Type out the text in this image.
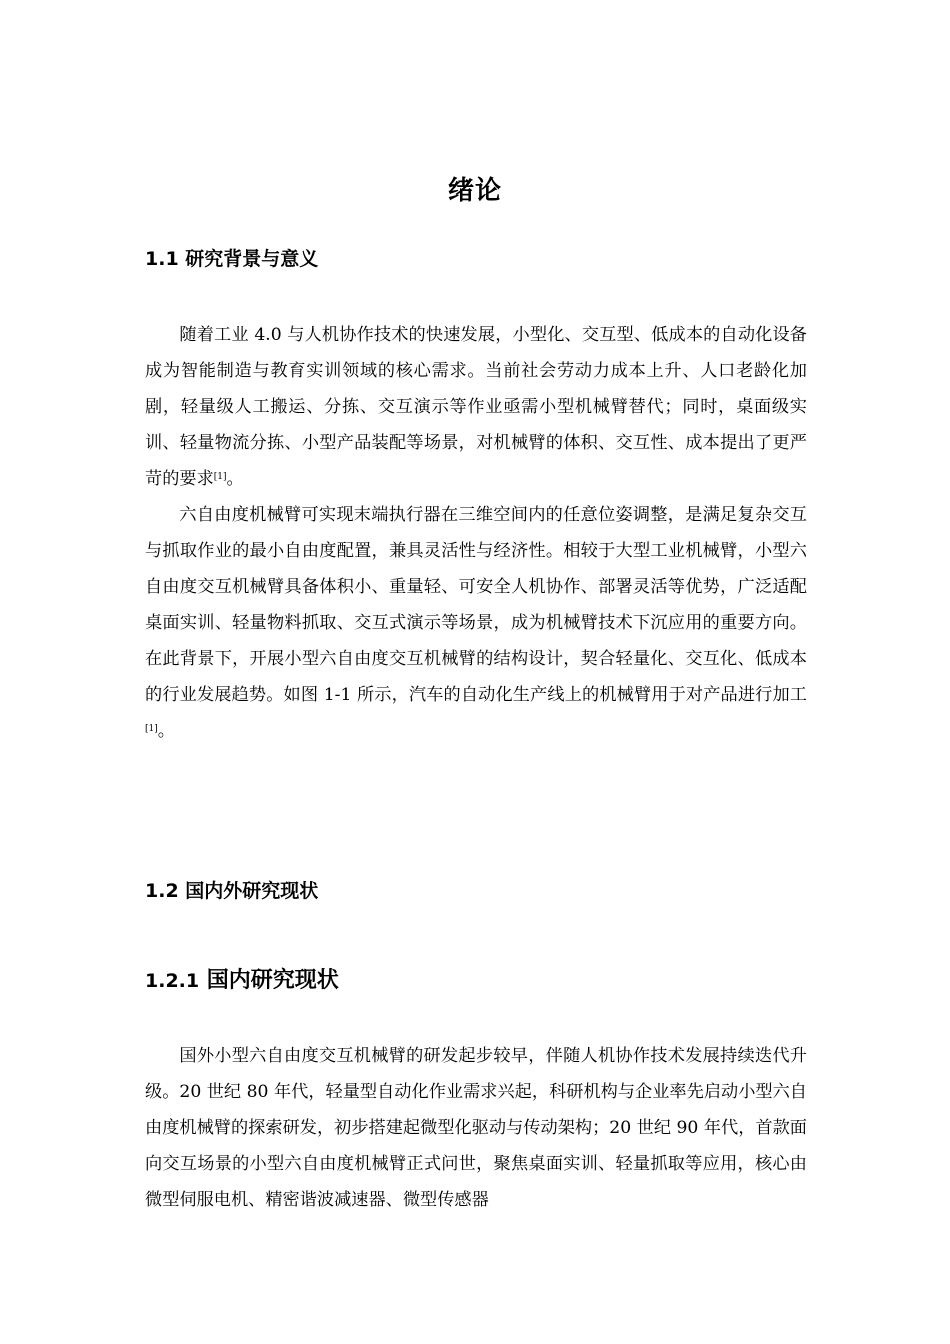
绪论
1.1 研究背景与意义

随着工业 4.0 与人机协作技术的快速发展，小型化、交互型、低成本的自动化设备成为智能制造与教育实训领域的核心需求。当前社会劳动力成本上升、人口老龄化加剧，轻量级人工搬运、分拣、交互演示等作业亟需小型机械臂替代；同时，桌面级实训、轻量物流分拣、小型产品装配等场景，对机械臂的体积、交互性、成本提出了更严苛的要求[1]。

六自由度机械臂可实现末端执行器在三维空间内的任意位姿调整，是满足复杂交互与抓取作业的最小自由度配置，兼具灵活性与经济性。相较于大型工业机械臂，小型六自由度交互机械臂具备体积小、重量轻、可安全人机协作、部署灵活等优势，广泛适配桌面实训、轻量物料抓取、交互式演示等场景，成为机械臂技术下沉应用的重要方向。在此背景下，开展小型六自由度交互机械臂的结构设计，契合轻量化、交互化、低成本的行业发展趋势。如图 1-1 所示，汽车的自动化生产线上的机械臂用于对产品进行加工[1]。

1.2 国内外研究现状
1.2.1 国内研究现状

国外小型六自由度交互机械臂的研发起步较早，伴随人机协作技术发展持续迭代升级。20 世纪 80 年代，轻量型自动化作业需求兴起，科研机构与企业率先启动小型六自由度机械臂的探索研发，初步搭建起微型化驱动与传动架构；20 世纪 90 年代，首款面向交互场景的小型六自由度机械臂正式问世，聚焦桌面实训、轻量抓取等应用，核心由微型伺服电机、精密谐波减速器、微型传感器
